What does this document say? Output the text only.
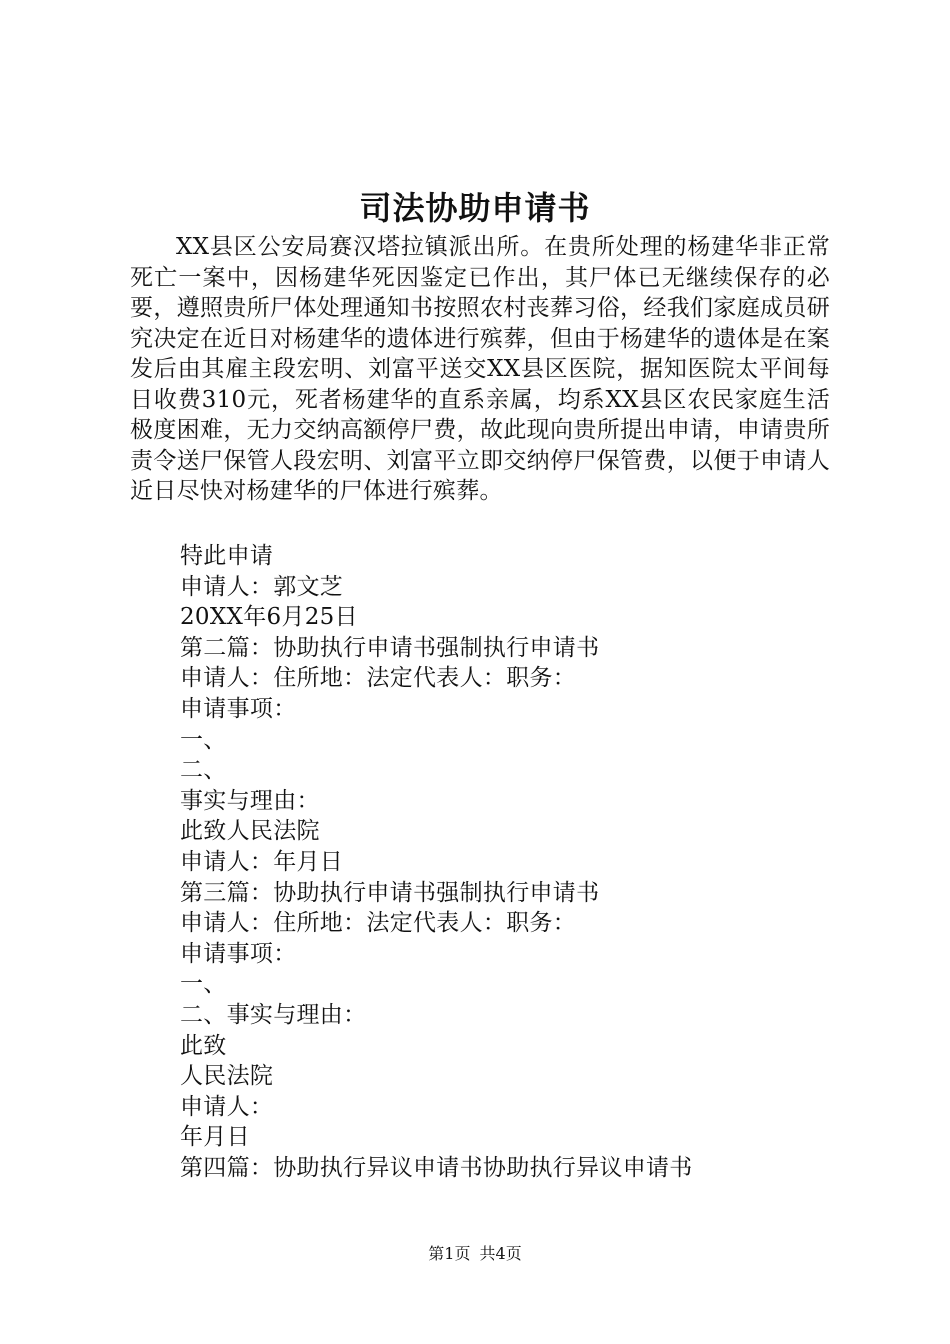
司法协助申请书

XX县区公安局赛汉塔拉镇派出所。在贵所处理的杨建华非正常死亡一案中，因杨建华死因鉴定已作出，其尸体已无继续保存的必要，遵照贵所尸体处理通知书按照农村丧葬习俗，经我们家庭成员研究决定在近日对杨建华的遗体进行殡葬，但由于杨建华的遗体是在案发后由其雇主段宏明、刘富平送交XX县区医院，据知医院太平间每日收费310元，死者杨建华的直系亲属，均系XX县区农民家庭生活极度困难，无力交纳高额停尸费，故此现向贵所提出申请，申请贵所责令送尸保管人段宏明、刘富平立即交纳停尸保管费，以便于申请人近日尽快对杨建华的尸体进行殡葬。

特此申请
申请人：郭文芝
20XX年6月25日
第二篇：协助执行申请书强制执行申请书
申请人：住所地：法定代表人：职务：
申请事项：
一、
二、
事实与理由：
此致人民法院
申请人：年月日
第三篇：协助执行申请书强制执行申请书
申请人：住所地：法定代表人：职务：
申请事项：
一、
二、事实与理由：
此致
人民法院
申请人：
年月日
第四篇：协助执行异议申请书协助执行异议申请书
第1页 共4页
